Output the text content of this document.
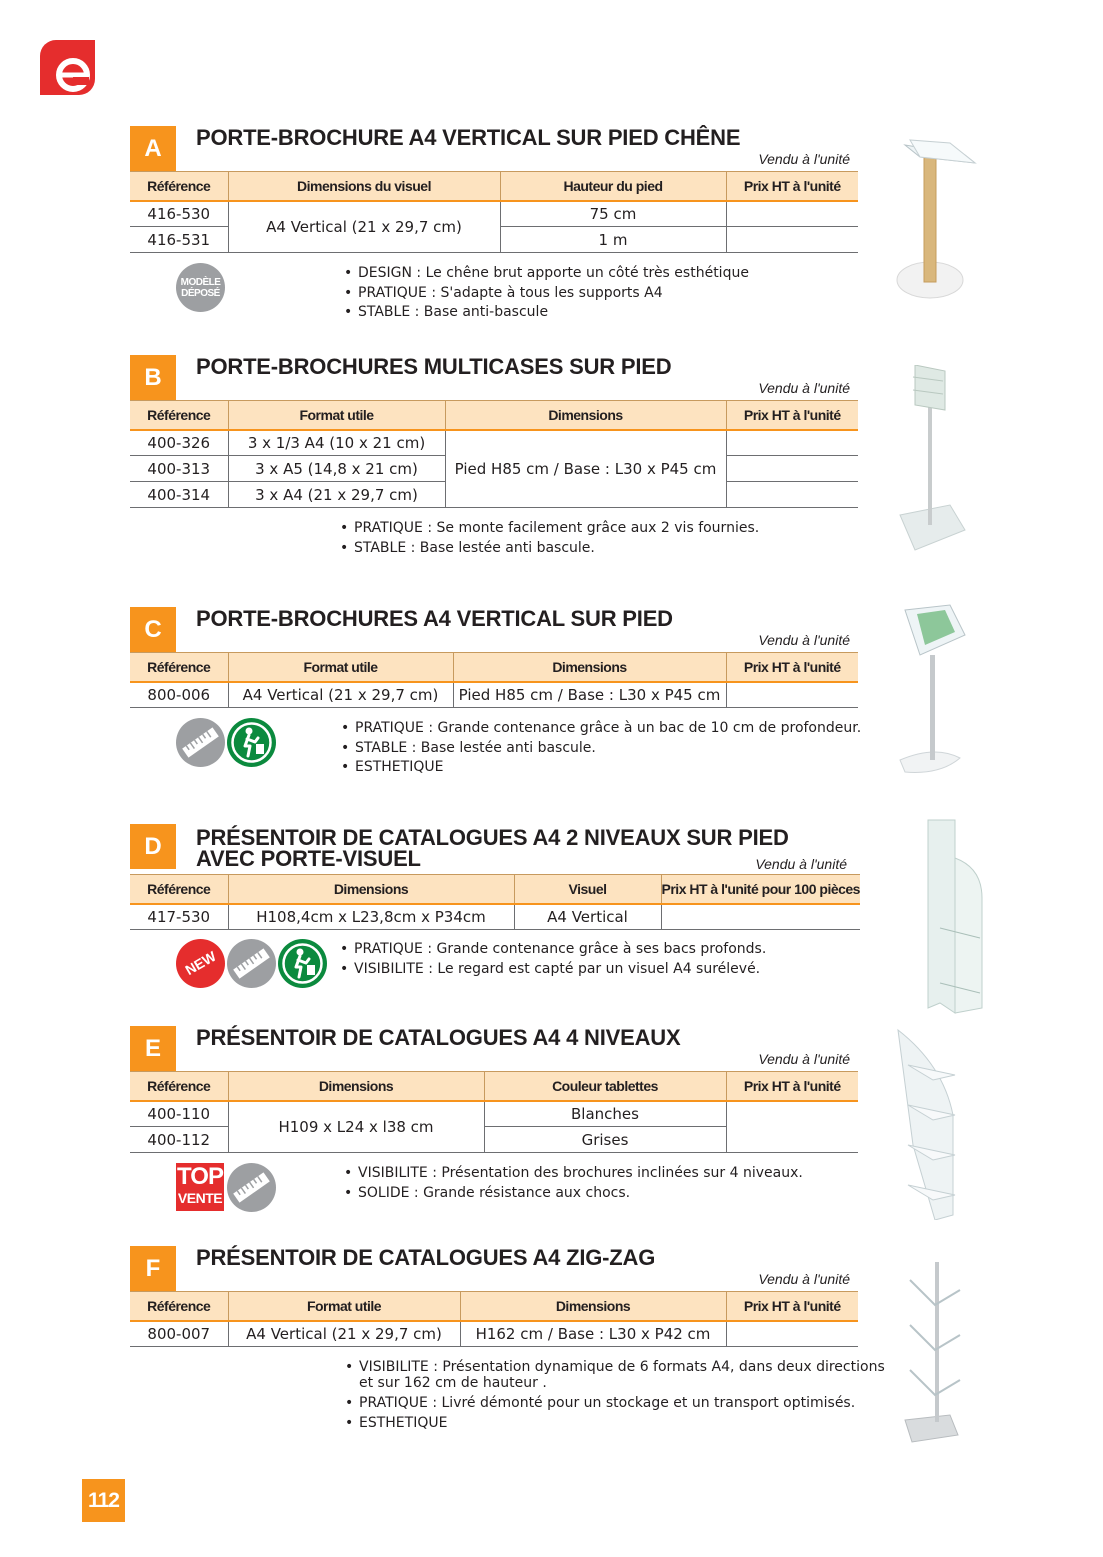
A	PORTE-BROCHURE A4 VERTICAL SUR PIED CHÊNE
Vendu à l'unité
Référence	Dimensions du visuel	Hauteur du pied	Prix HT à l'unité
416-530	A4 Vertical (21 x 29,7 cm)	75 cm	
416-531		1 m	
MODÈLE
DÉPOSÉ
• DESIGN : Le chêne brut apporte un côté très esthétique
• PRATIQUE : S'adapte à tous les supports A4
• STABLE : Base anti-bascule
B	PORTE-BROCHURES MULTICASES SUR PIED
Vendu à l'unité
Référence	Format utile	Dimensions	Prix HT à l'unité
400-326	3 x 1/3 A4 (10 x 21 cm)	Pied H85 cm / Base : L30 x P45 cm	
400-313	3 x A5 (14,8 x 21 cm)		
400-314	3 x A4 (21 x 29,7 cm)		
• PRATIQUE : Se monte facilement grâce aux 2 vis fournies.
• STABLE : Base lestée anti bascule.
C	PORTE-BROCHURES A4 VERTICAL SUR PIED
Vendu à l'unité
Référence	Format utile	Dimensions	Prix HT à l'unité
800-006	A4 Vertical (21 x 29,7 cm)	Pied H85 cm / Base : L30 x P45 cm	
• PRATIQUE : Grande contenance grâce à un bac de 10 cm de profondeur.
• STABLE : Base lestée anti bascule.
• ESTHETIQUE
D	PRÉSENTOIR DE CATALOGUES A4 2 NIVEAUX SUR PIED
AVEC PORTE-VISUEL	Vendu à l'unité
Référence	Dimensions	Visuel	Prix HT à l'unité pour 100 pièces
417-530	H108,4cm x L23,8cm x P34cm	A4 Vertical	
NEW	• PRATIQUE : Grande contenance grâce à ses bacs profonds.
• VISIBILITE : Le regard est capté par un visuel A4 surélevé.
E	PRÉSENTOIR DE CATALOGUES A4 4 NIVEAUX
Vendu à l'unité
Référence	Dimensions	Couleur tablettes	Prix HT à l'unité
400-110	H109 x L24 x l38 cm	Blanches	
400-112		Grises	
TOP
VENTE
• VISIBILITE : Présentation des brochures inclinées sur 4 niveaux.
• SOLIDE : Grande résistance aux chocs.
F	PRÉSENTOIR DE CATALOGUES A4 ZIG-ZAG
Vendu à l'unité
Référence	Format utile	Dimensions	Prix HT à l'unité
800-007	A4 Vertical (21 x 29,7 cm)	H162 cm / Base : L30 x P42 cm	
• VISIBILITE : Présentation dynamique de 6 formats A4, dans deux directions
et sur 162 cm de hauteur .
• PRATIQUE : Livré démonté pour un stockage et un transport optimisés.
• ESTHETIQUE
112
